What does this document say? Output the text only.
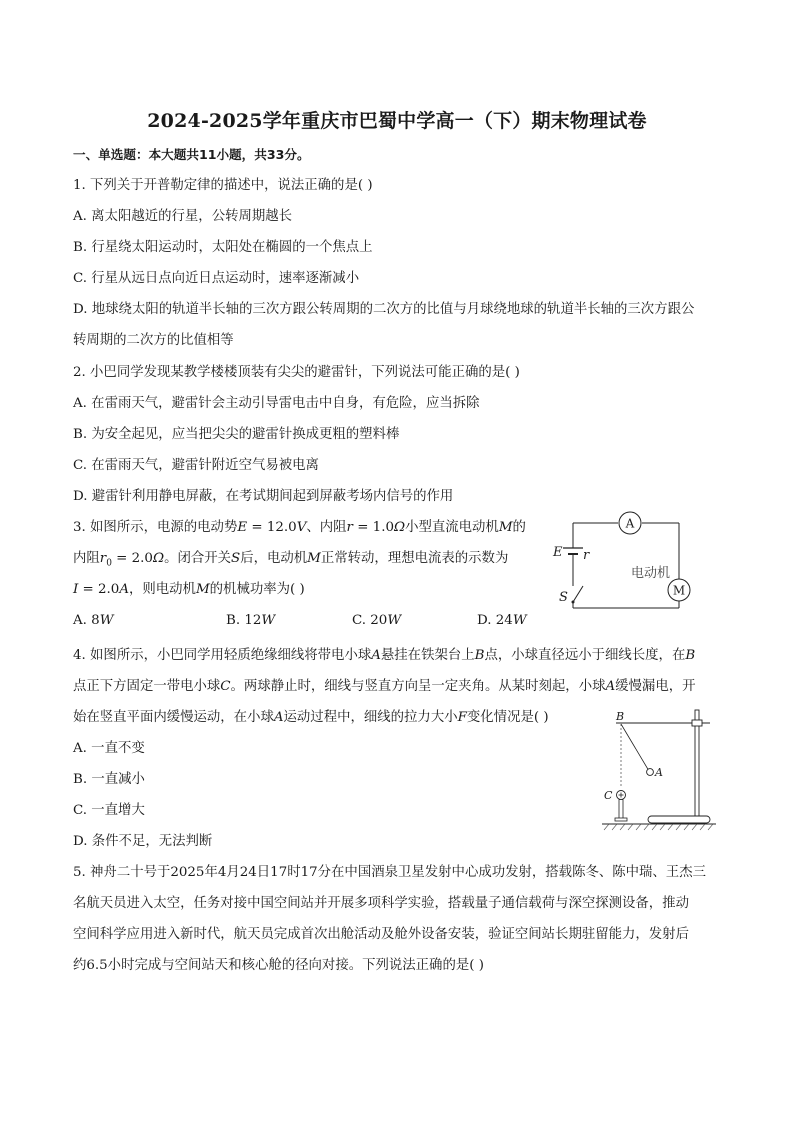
2024-2025学年重庆市巴蜀中学高一（下）期末物理试卷
一、单选题：本大题共11小题，共33分。
1. 下列关于开普勒定律的描述中，说法正确的是( )
A. 离太阳越近的行星，公转周期越长
B. 行星绕太阳运动时，太阳处在椭圆的一个焦点上
C. 行星从远日点向近日点运动时，速率逐渐减小
D. 地球绕太阳的轨道半长轴的三次方跟公转周期的二次方的比值与月球绕地球的轨道半长轴的三次方跟公
转周期的二次方的比值相等
2. 小巴同学发现某教学楼楼顶装有尖尖的避雷针，下列说法可能正确的是( )
A. 在雷雨天气，避雷针会主动引导雷电击中自身，有危险，应当拆除
B. 为安全起见，应当把尖尖的避雷针换成更粗的塑料棒
C. 在雷雨天气，避雷针附近空气易被电离
D. 避雷针利用静电屏蔽，在考试期间起到屏蔽考场内信号的作用
3. 如图所示，电源的电动势E = 12.0V、内阻r = 1.0Ω小型直流电动机M的
内阻$r_0 = 2.0\Omega$。闭合开关S后，电动机M正常转动，理想电流表的示数为
I = 2.0A，则电动机M的机械功率为( )
A. 8W	B. 12W	C. 20W	D. 24W
A
M
E r
电动机
S
4. 如图所示，小巴同学用轻质绝缘细线将带电小球A悬挂在铁架台上B点，小球直径远小于细线长度，在B
点正下方固定一带电小球C。两球静止时，细线与竖直方向呈一定夹角。从某时刻起，小球A缓慢漏电，开
始在竖直平面内缓慢运动，在小球A运动过程中，细线的拉力大小F变化情况是( )
A. 一直不变
B. 一直减小
C. 一直增大
D. 条件不足，无法判断
B
A
C
5. 神舟二十号于2025年4月24日17时17分在中国酒泉卫星发射中心成功发射，搭载陈冬、陈中瑞、王杰三
名航天员进入太空，任务对接中国空间站并开展多项科学实验，搭载量子通信载荷与深空探测设备，推动
空间科学应用进入新时代，航天员完成首次出舱活动及舱外设备安装，验证空间站长期驻留能力，发射后
约6.5小时完成与空间站天和核心舱的径向对接。下列说法正确的是( )
